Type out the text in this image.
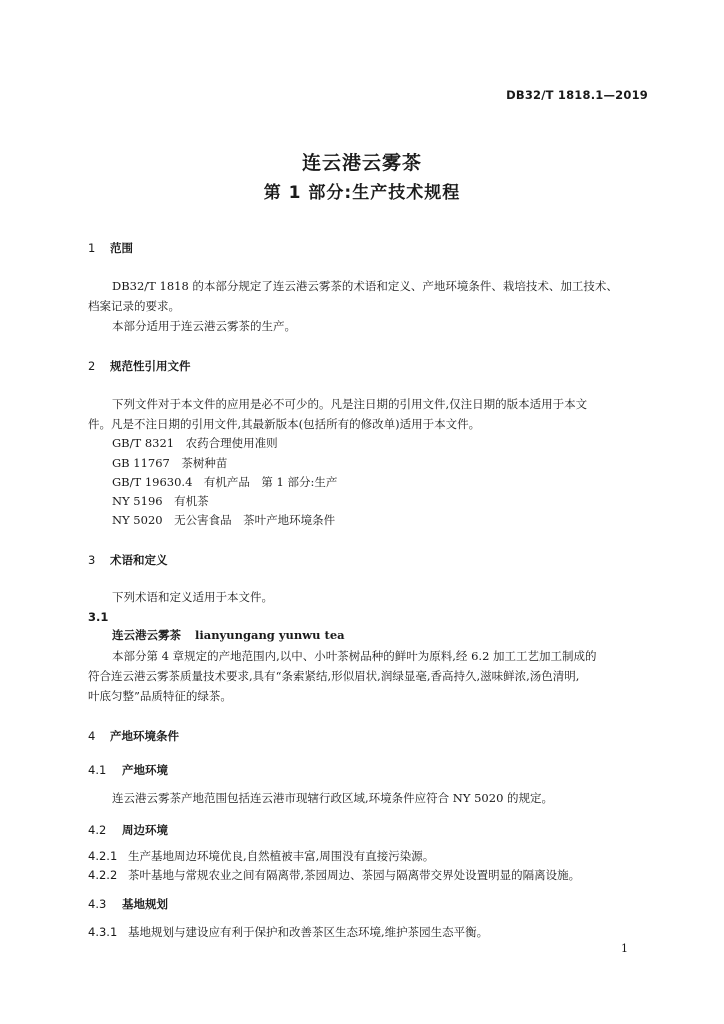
DB32/T 1818.1—2019
连云港云雾茶
第 1 部分:生产技术规程
1 范围
DB32/T 1818 的本部分规定了连云港云雾茶的术语和定义、产地环境条件、栽培技术、加工技术、
档案记录的要求。
本部分适用于连云港云雾茶的生产。
2 规范性引用文件
下列文件对于本文件的应用是必不可少的。凡是注日期的引用文件,仅注日期的版本适用于本文
件。凡是不注日期的引用文件,其最新版本(包括所有的修改单)适用于本文件。
GB/T 8321　农药合理使用准则
GB 11767　茶树种苗
GB/T 19630.4　有机产品　第 1 部分:生产
NY 5196　有机茶
NY 5020　无公害食品　茶叶产地环境条件
3 术语和定义
下列术语和定义适用于本文件。
3.1
连云港云雾茶 lianyungang yunwu tea
本部分第 4 章规定的产地范围内,以中、小叶茶树品种的鲜叶为原料,经 6.2 加工工艺加工制成的
符合连云港云雾茶质量技术要求,具有“条索紧结,形似眉状,润绿显毫,香高持久,滋味鲜浓,汤色清明,
叶底匀整”品质特征的绿茶。
4 产地环境条件
4.1 产地环境
连云港云雾茶产地范围包括连云港市现辖行政区域,环境条件应符合 NY 5020 的规定。
4.2 周边环境
4.2.1 生产基地周边环境优良,自然植被丰富,周围没有直接污染源。
4.2.2 茶叶基地与常规农业之间有隔离带,茶园周边、茶园与隔离带交界处设置明显的隔离设施。
4.3 基地规划
4.3.1 基地规划与建设应有利于保护和改善茶区生态环境,维护茶园生态平衡。
1
